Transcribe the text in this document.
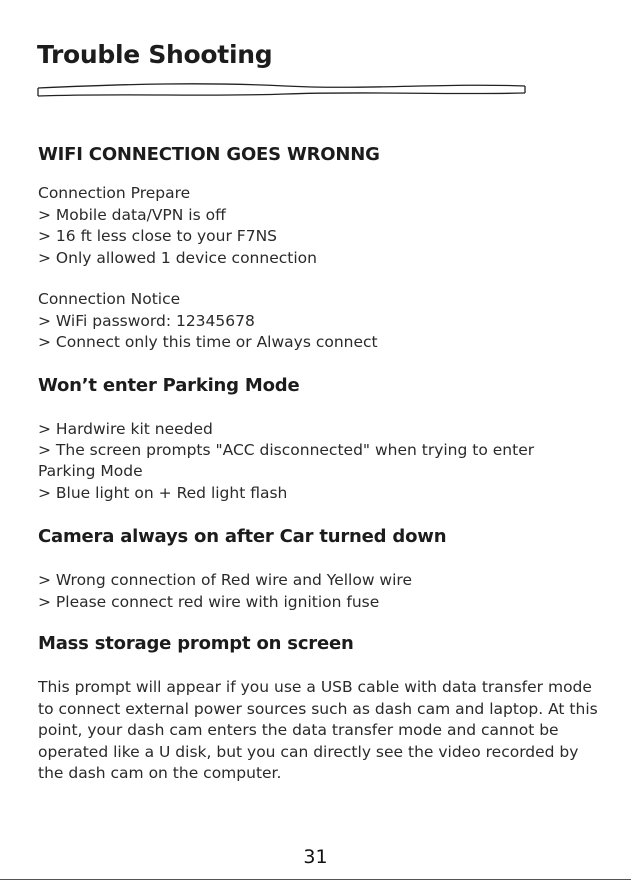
Trouble Shooting
WIFI CONNECTION GOES WRONNG
Connection Prepare
> Mobile data/VPN is off
> 16 ft less close to your F7NS
> Only allowed 1 device connection
Connection Notice
> WiFi password: 12345678
> Connect only this time or Always connect
Won’t enter Parking Mode
> Hardwire kit needed
> The screen prompts "ACC disconnected" when trying to enter
Parking Mode
> Blue light on + Red light flash
Camera always on after Car turned down
> Wrong connection of Red wire and Yellow wire
> Please connect red wire with ignition fuse
Mass storage prompt on screen
This prompt will appear if you use a USB cable with data transfer mode to connect external power sources such as dash cam and laptop. At this point, your dash cam enters the data transfer mode and cannot be operated like a U disk, but you can directly see the video recorded by the dash cam on the computer.
31
